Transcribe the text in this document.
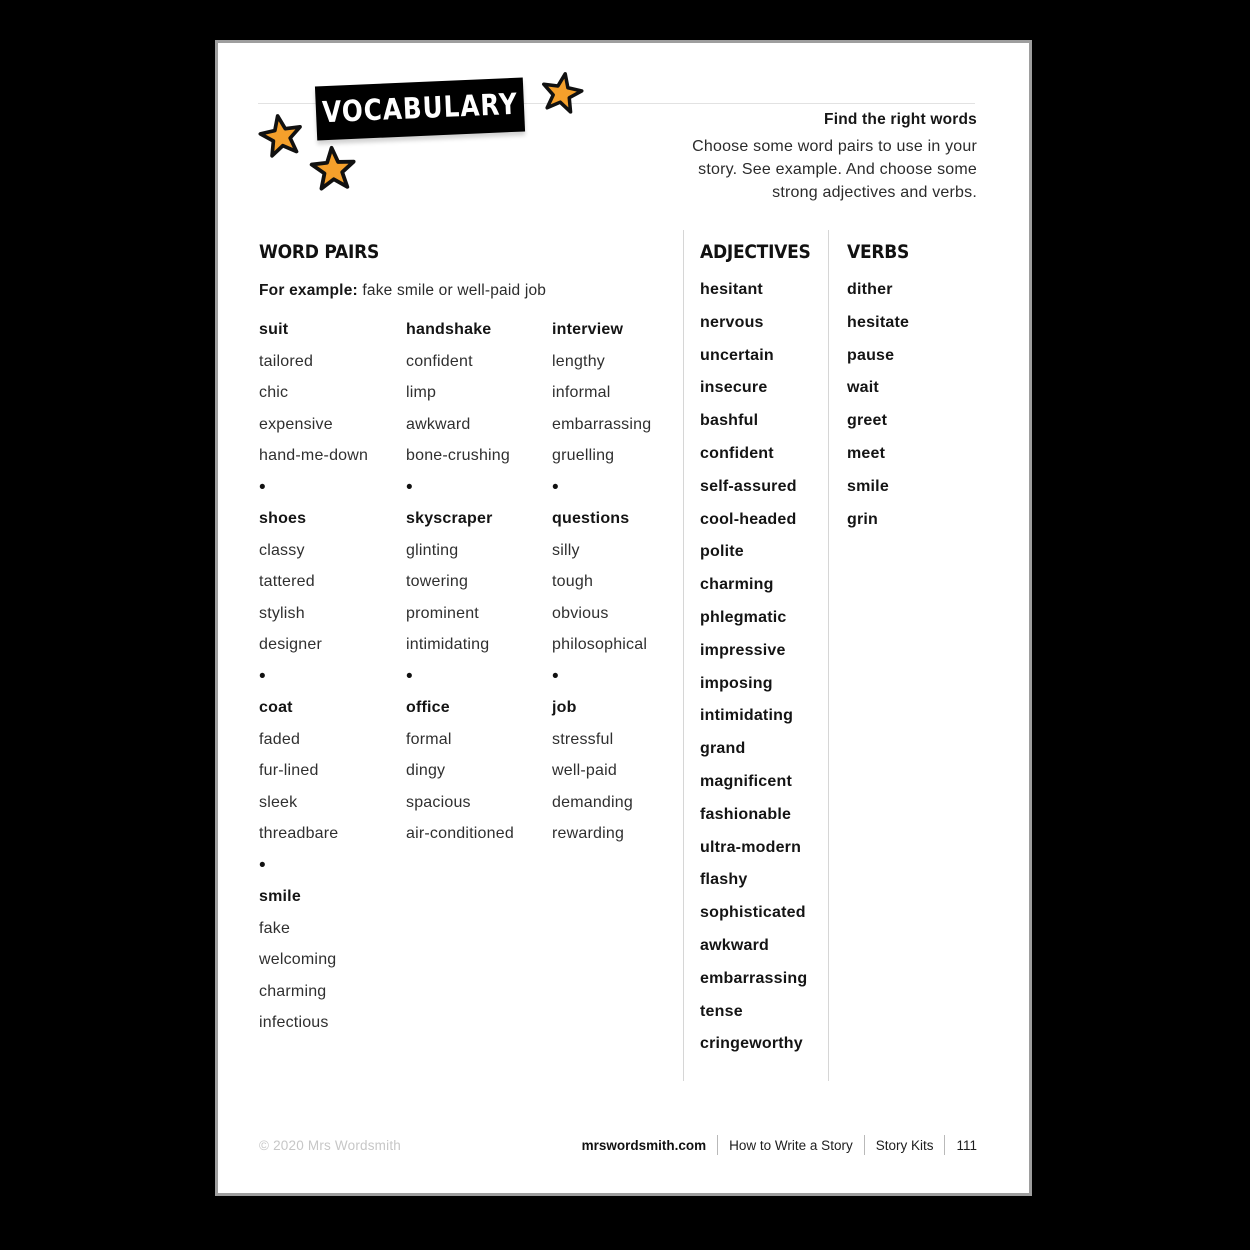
VOCABULARY	Find the right words
Choose some word pairs to use in your
story. See example. And choose some
strong adjectives and verbs.
WORD PAIRS
For example: fake smile or well-paid job
suit
tailored
chic
expensive
hand-me-down
•
shoes
classy
tattered
stylish
designer
•
coat
faded
fur-lined
sleek
threadbare
•
smile
fake
welcoming
charming
infectious
handshake
confident
limp
awkward
bone-crushing
•
skyscraper
glinting
towering
prominent
intimidating
•
office
formal
dingy
spacious
air-conditioned
interview
lengthy
informal
embarrassing
gruelling
•
questions
silly
tough
obvious
philosophical
•
job
stressful
well-paid
demanding
rewarding
ADJECTIVES
hesitant
nervous
uncertain
insecure
bashful
confident
self-assured
cool-headed
polite
charming
phlegmatic
impressive
imposing
intimidating
grand
magnificent
fashionable
ultra-modern
flashy
sophisticated
awkward
embarrassing
tense
cringeworthy
VERBS
dither
hesitate
pause
wait
greet
meet
smile
grin
© 2020 Mrs Wordsmith	mrswordsmith.com How to Write a Story Story Kits 111
